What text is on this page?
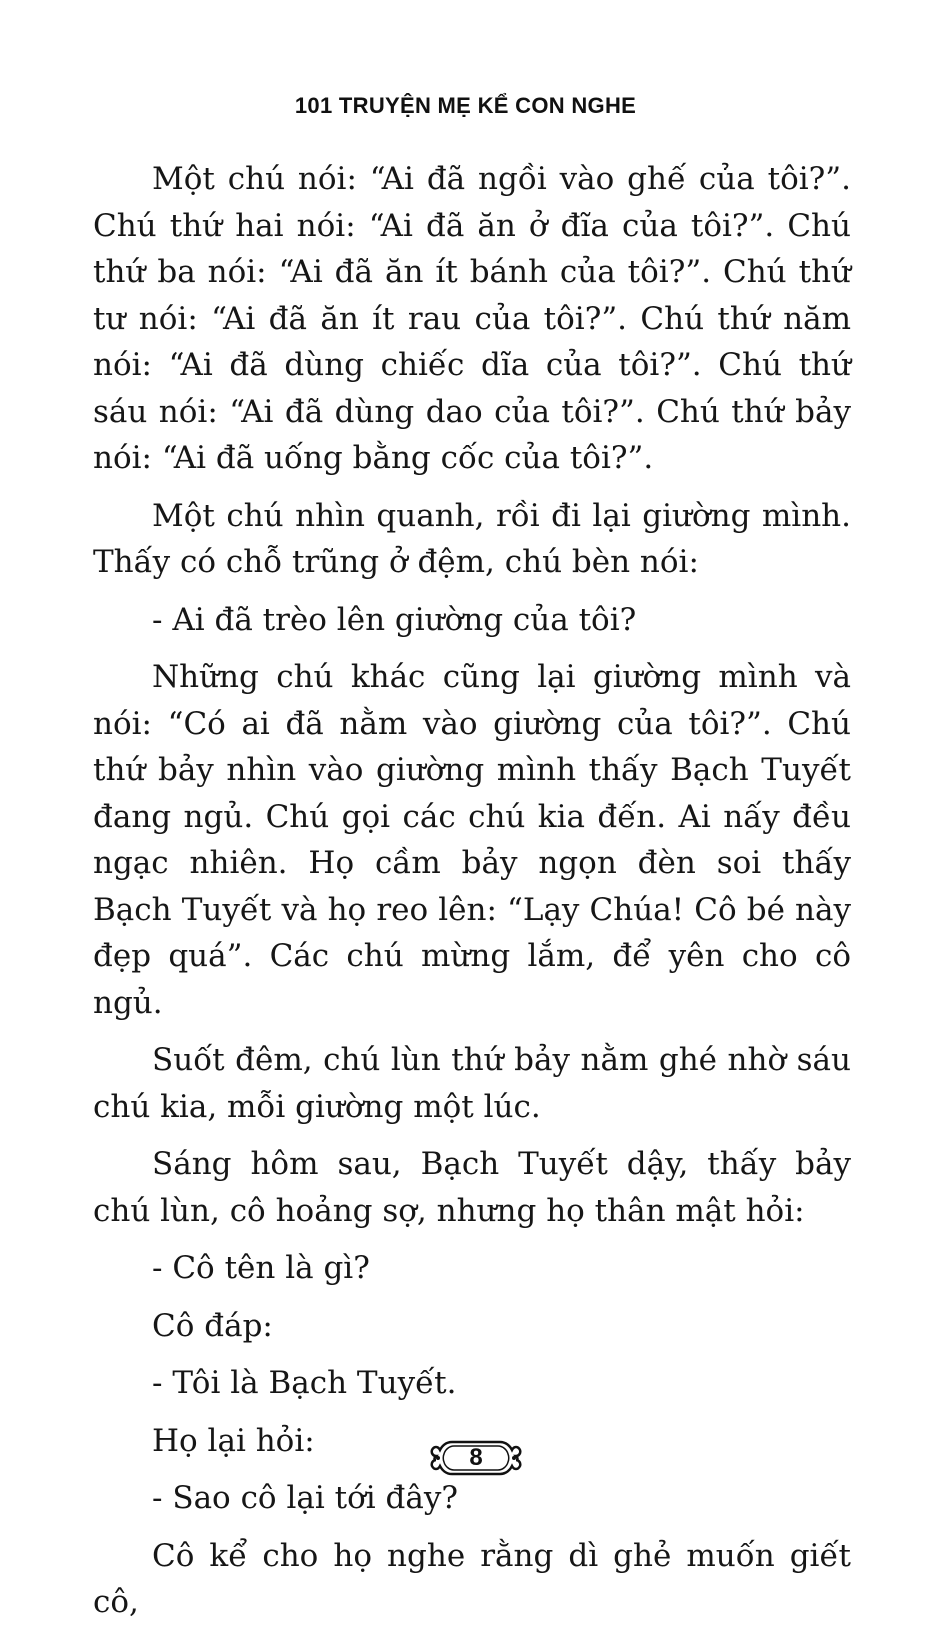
101 TRUYỆN MẸ KỂ CON NGHE

Một chú nói: “Ai đã ngồi vào ghế của tôi?”. Chú thứ hai nói: “Ai đã ăn ở đĩa của tôi?”. Chú thứ ba nói: “Ai đã ăn ít bánh của tôi?”. Chú thứ tư nói: “Ai đã ăn ít rau của tôi?”. Chú thứ năm nói: “Ai đã dùng chiếc dĩa của tôi?”. Chú thứ sáu nói: “Ai đã dùng dao của tôi?”. Chú thứ bảy nói: “Ai đã uống bằng cốc của tôi?”.

Một chú nhìn quanh, rồi đi lại giường mình. Thấy có chỗ trũng ở đệm, chú bèn nói:

- Ai đã trèo lên giường của tôi?

Những chú khác cũng lại giường mình và nói: “Có ai đã nằm vào giường của tôi?”. Chú thứ bảy nhìn vào giường mình thấy Bạch Tuyết đang ngủ. Chú gọi các chú kia đến. Ai nấy đều ngạc nhiên. Họ cầm bảy ngọn đèn soi thấy Bạch Tuyết và họ reo lên: “Lạy Chúa! Cô bé này đẹp quá”. Các chú mừng lắm, để yên cho cô ngủ.

Suốt đêm, chú lùn thứ bảy nằm ghé nhờ sáu chú kia, mỗi giường một lúc.

Sáng hôm sau, Bạch Tuyết dậy, thấy bảy chú lùn, cô hoảng sợ, nhưng họ thân mật hỏi:

- Cô tên là gì?

Cô đáp:

- Tôi là Bạch Tuyết.

Họ lại hỏi:

- Sao cô lại tới đây?

Cô kể cho họ nghe rằng dì ghẻ muốn giết cô,

8
